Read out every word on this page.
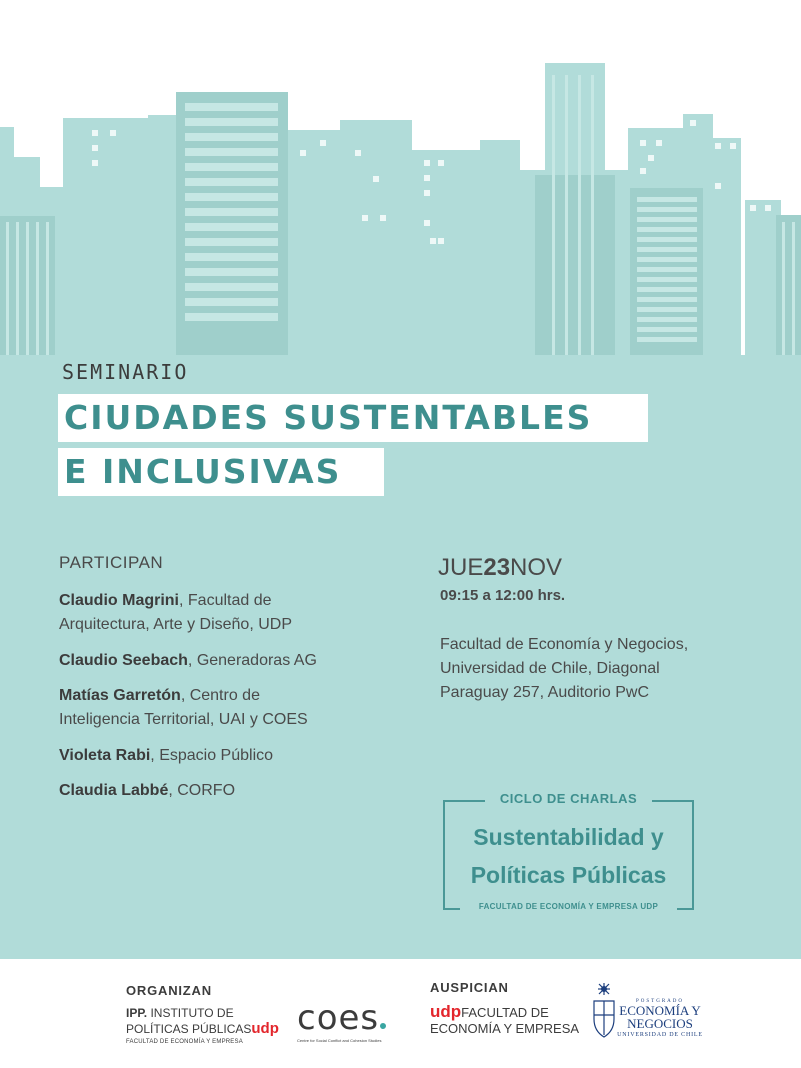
SEMINARIO
CIUDADES SUSTENTABLES
E INCLUSIVAS
PARTICIPAN
Claudio Magrini, Facultad de
Arquitectura, Arte y Diseño, UDP
Claudio Seebach, Generadoras AG
Matías Garretón, Centro de
Inteligencia Territorial, UAI y COES
Violeta Rabi, Espacio Público
Claudia Labbé, CORFO
JUE23NOV
09:15 a 12:00 hrs.
Facultad de Economía y Negocios,
Universidad de Chile, Diagonal
Paraguay 257, Auditorio PwC
CICLO DE CHARLAS
Sustentabilidad y
Políticas Públicas
FACULTAD DE ECONOMÍA Y EMPRESA UDP
ORGANIZAN	AUSPICIAN
IPP. INSTITUTO DE
POLÍTICAS PÚBLICASudp
FACULTAD DE ECONOMÍA Y EMPRESA
coes
Centre for Social Conflict and Cohesion Studies
udpFACULTAD DE
ECONOMÍA Y EMPRESA
POSTGRADO
ECONOMÍA Y
NEGOCIOS
UNIVERSIDAD DE CHILE
